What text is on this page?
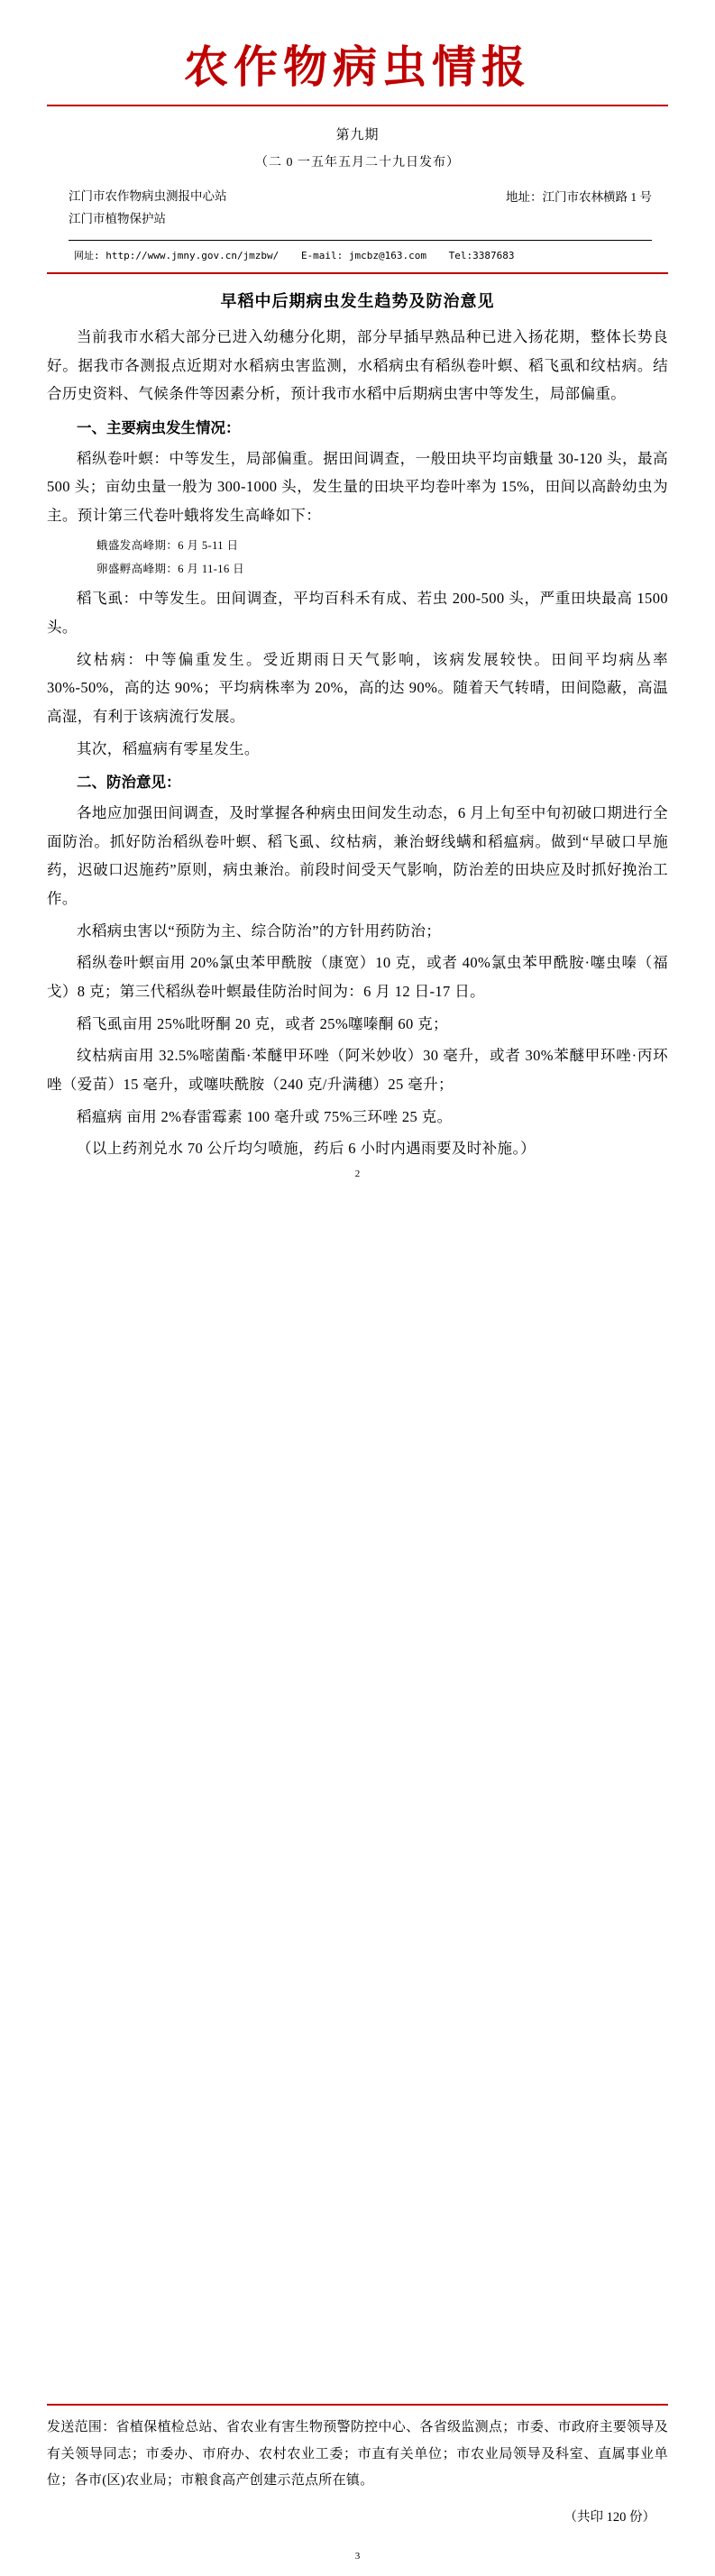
农作物病虫情报
第九期
（二 0 一五年五月二十九日发布）
江门市农作物病虫测报中心站
江门市植物保护站
地址：江门市农林横路 1 号
网址: http://www.jmny.gov.cn/jmzbw/ E-mail: jmcbz@163.com Tel:3387683
早稻中后期病虫发生趋势及防治意见

当前我市水稻大部分已进入幼穗分化期，部分早插早熟品种已进入扬花期，整体长势良好。据我市各测报点近期对水稻病虫害监测，水稻病虫有稻纵卷叶螟、稻飞虱和纹枯病。结合历史资料、气候条件等因素分析，预计我市水稻中后期病虫害中等发生，局部偏重。

一、主要病虫发生情况：

稻纵卷叶螟：中等发生，局部偏重。据田间调查，一般田块平均亩蛾量 30-120 头，最高 500 头；亩幼虫量一般为 300-1000 头，发生量的田块平均卷叶率为 15%，田间以高龄幼虫为主。预计第三代卷叶蛾将发生高峰如下：

蛾盛发高峰期：6 月 5-11 日
卵盛孵高峰期：6 月 11-16 日

稻飞虱：中等发生。田间调查，平均百科禾有成、若虫 200-500 头，严重田块最高 1500 头。

纹枯病：中等偏重发生。受近期雨日天气影响，该病发展较快。田间平均病丛率 30%-50%，高的达 90%；平均病株率为 20%，高的达 90%。随着天气转晴，田间隐蔽，高温高湿，有利于该病流行发展。

其次，稻瘟病有零星发生。

二、防治意见：

各地应加强田间调查，及时掌握各种病虫田间发生动态，6 月上旬至中旬初破口期进行全面防治。抓好防治稻纵卷叶螟、稻飞虱、纹枯病，兼治蚜线螨和稻瘟病。做到“早破口早施药，迟破口迟施药”原则，病虫兼治。前段时间受天气影响，防治差的田块应及时抓好挽治工作。

水稻病虫害以“预防为主、综合防治”的方针用药防治；

稻纵卷叶螟亩用 20%氯虫苯甲酰胺（康宽）10 克，或者 40%氯虫苯甲酰胺·噻虫嗪（福戈）8 克；第三代稻纵卷叶螟最佳防治时间为：6 月 12 日-17 日。

稻飞虱亩用 25%吡呀酮 20 克，或者 25%噻嗪酮 60 克；

纹枯病亩用 32.5%嘧菌酯·苯醚甲环唑（阿米妙收）30 毫升，或者 30%苯醚甲环唑·丙环唑（爱苗）15 毫升，或噻呋酰胺（240 克/升满穗）25 毫升；

稻瘟病 亩用 2%春雷霉素 100 毫升或 75%三环唑 25 克。

（以上药剂兑水 70 公斤均匀喷施，药后 6 小时内遇雨要及时补施。）

2

发送范围：省植保植检总站、省农业有害生物预警防控中心、各省级监测点；市委、市政府主要领导及有关领导同志；市委办、市府办、农村农业工委；市直有关单位；市农业局领导及科室、直属事业单位；各市(区)农业局；市粮食高产创建示范点所在镇。

（共印 120 份）
3
